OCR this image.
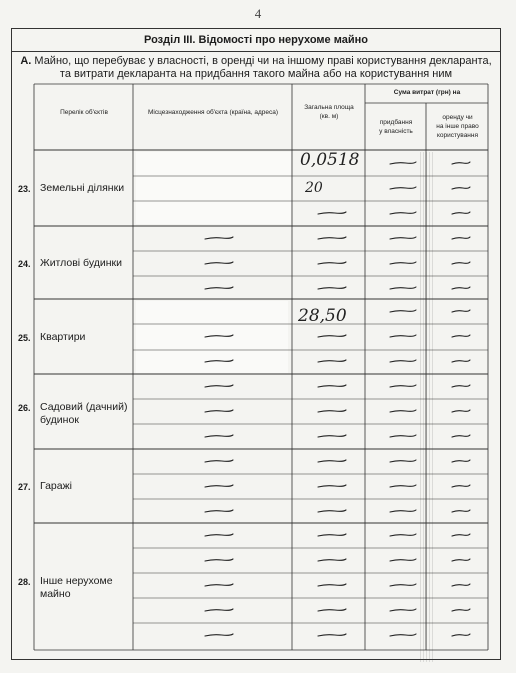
4
Розділ III. Відомості про нерухоме майно
А. Майно, що перебуває у власності, в оренді чи на іншому праві користування декларанта,
та витрати декларанта на придбання такого майна або на користування ним
Перелік об'єктів	Місцезнаходження об'єкта (країна, адреса)
Загальна площа
(кв. м)
Сума витрат (грн) на
придбання
у власність
оренду чи
на інше право
користування
23. Земельні ділянки
24. Житлові будинки
25. Квартири
26. Садовий (дачний)
будинок
27. Гаражі
28. Інше нерухоме
майно
0,0518
20
28,50
